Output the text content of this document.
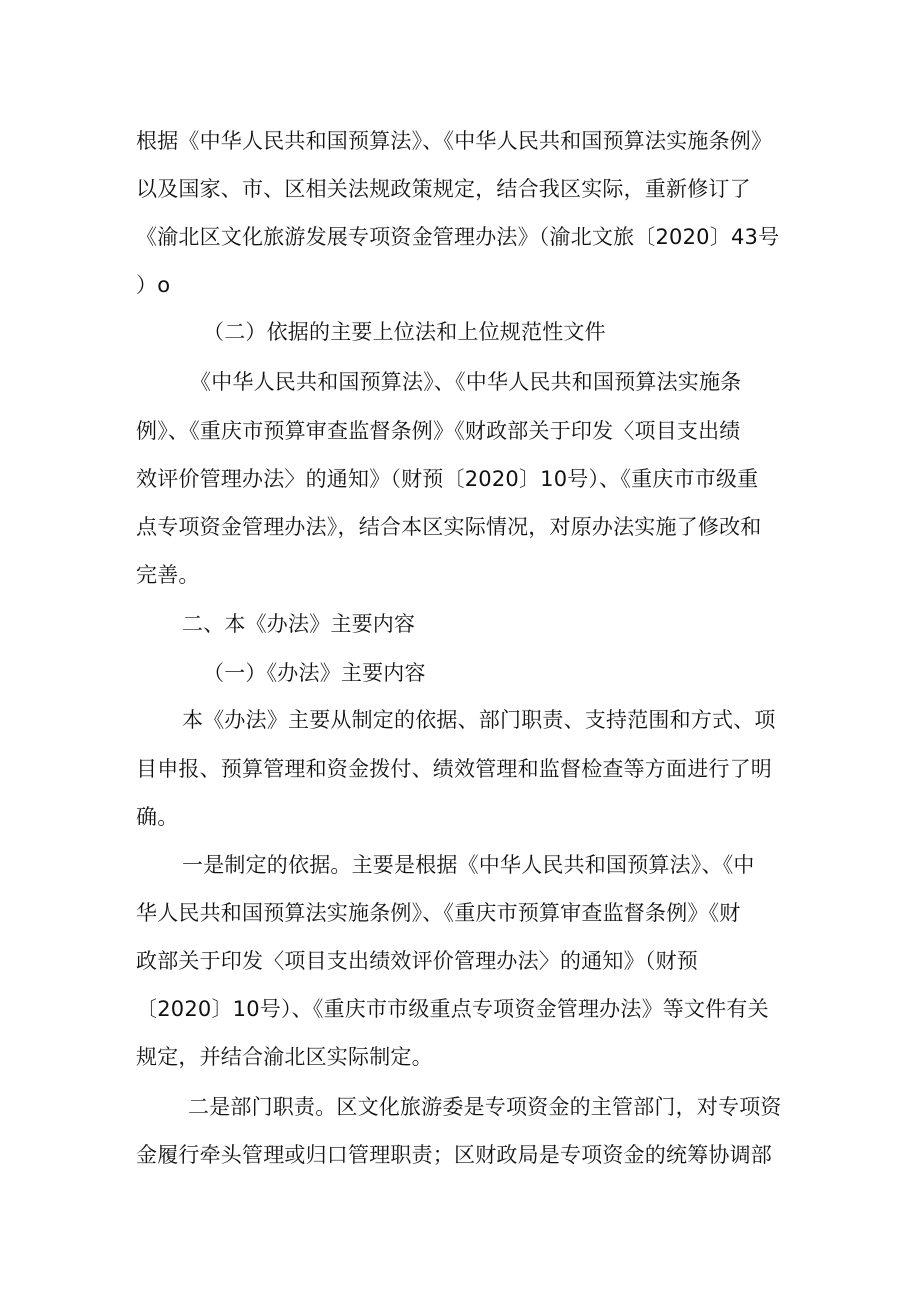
根据《中华人民共和国预算法》、《中华人民共和国预算法实施条例》
以及国家、市、区相关法规政策规定，结合我区实际，重新修订了
《渝北区文化旅游发展专项资金管理办法》（渝北文旅〔2020〕43号
）o
（二）依据的主要上位法和上位规范性文件
《中华人民共和国预算法》、《中华人民共和国预算法实施条
例》、《重庆市预算审查监督条例》《财政部关于印发〈项目支出绩
效评价管理办法〉的通知》（财预〔2020〕10号）、《重庆市市级重
点专项资金管理办法》，结合本区实际情况，对原办法实施了修改和
完善。
二、本《办法》主要内容
（一）《办法》主要内容
本《办法》主要从制定的依据、部门职责、支持范围和方式、项
目申报、预算管理和资金拨付、绩效管理和监督检查等方面进行了明
确。
一是制定的依据。主要是根据《中华人民共和国预算法》、《中
华人民共和国预算法实施条例》、《重庆市预算审查监督条例》《财
政部关于印发〈项目支出绩效评价管理办法〉的通知》（财预
〔2020〕10号）、《重庆市市级重点专项资金管理办法》等文件有关
规定，并结合渝北区实际制定。
二是部门职责。区文化旅游委是专项资金的主管部门，对专项资
金履行牵头管理或归口管理职责；区财政局是专项资金的统筹协调部
